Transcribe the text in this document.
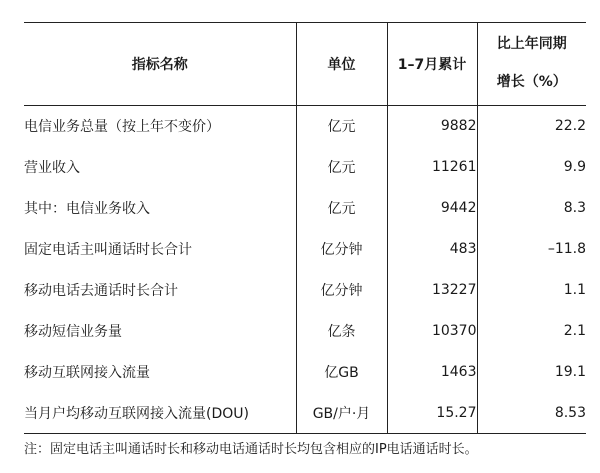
指标名称	单位	1–7月累计	比上年同期
增长（%）

电信业务总量（按上年不变价）	亿元	9882	22.2
营业收入	亿元	11261	9.9
其中：电信业务收入	亿元	9442	8.3
固定电话主叫通话时长合计	亿分钟	483	–11.8
移动电话去通话时长合计	亿分钟	13227	1.1
移动短信业务量	亿条	10370	2.1
移动互联网接入流量	亿GB	1463	19.1
当月户均移动互联网接入流量(DOU)	GB/户·月	15.27	8.53
注：固定电话主叫通话时长和移动电话通话时长均包含相应的IP电话通话时长。
